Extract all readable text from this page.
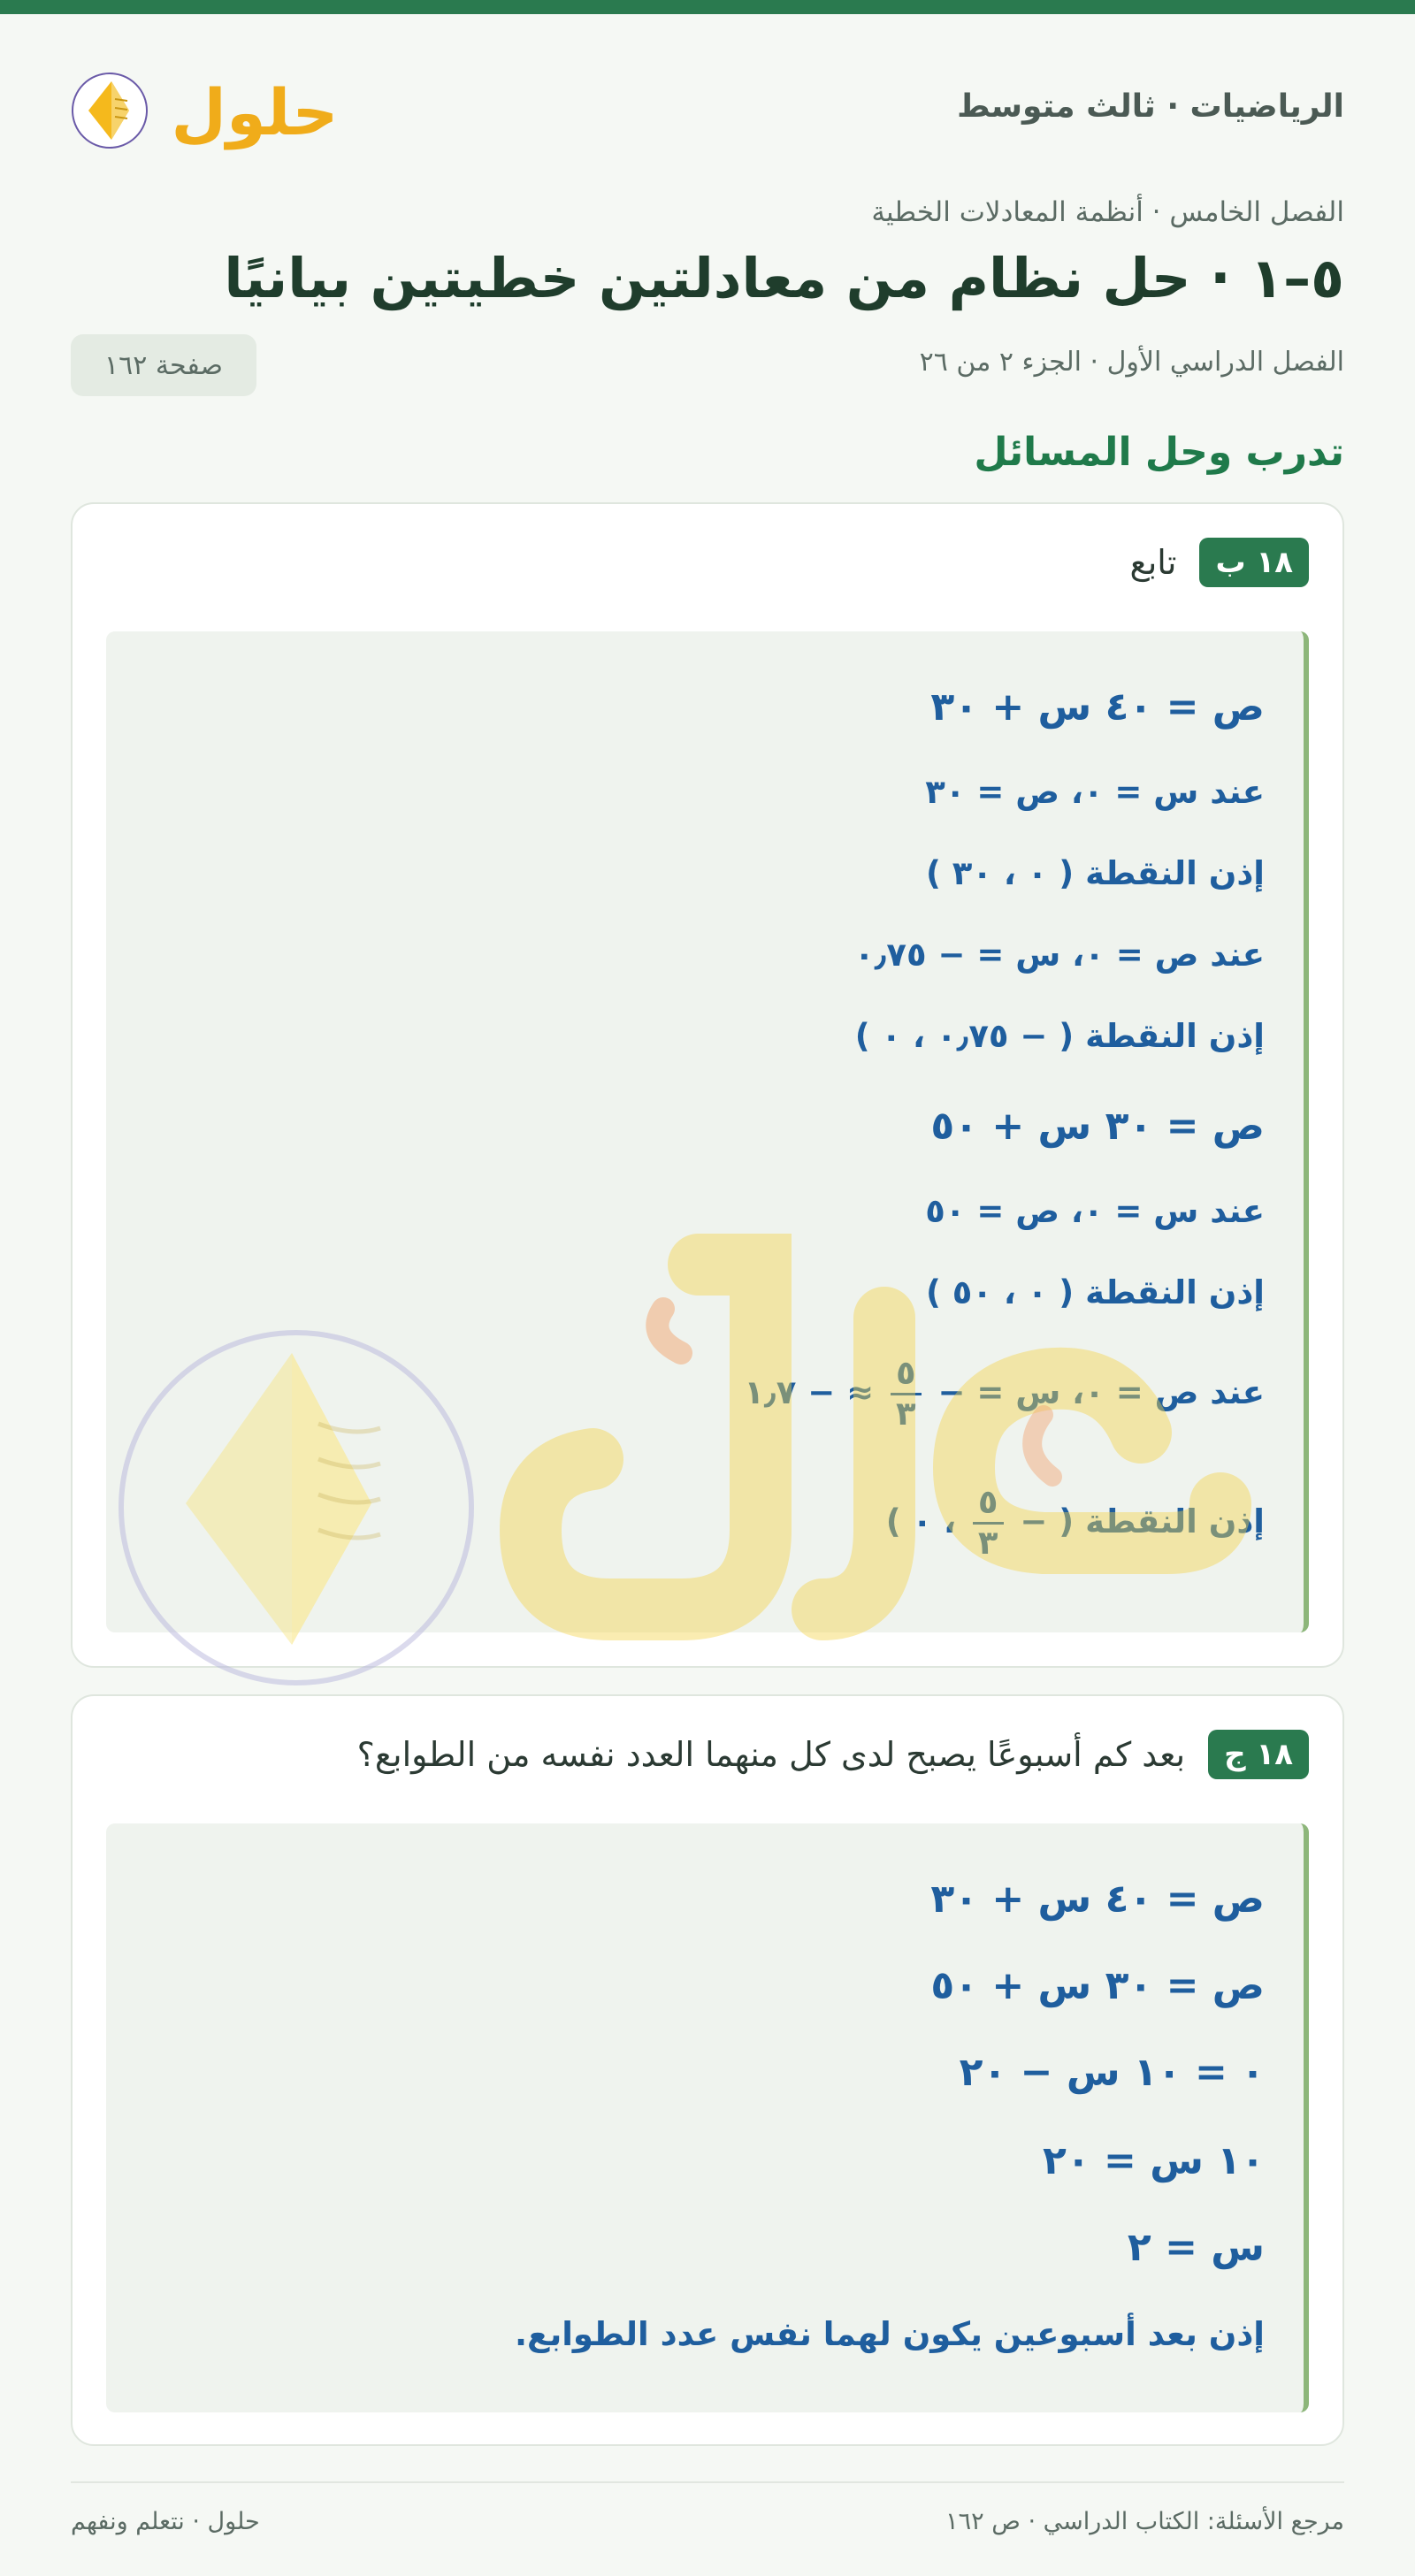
الرياضيات · ثالث متوسط
حلول
الفصل الخامس · أنظمة المعادلات الخطية
٥–١ · حل نظام من معادلتين خطيتين بيانيًا
الفصل الدراسي الأول · الجزء ٢ من ٢٦
صفحة ١٦٢
تدرب وحل المسائل
١٨ ب
تابع
ص = ٤٠ س + ٣٠
عند س = ٠، ص = ٣٠
إذن النقطة ( ٠ ، ٣٠ )
عند ص = ٠، س = − ٠٫٧٥
إذن النقطة ( − ٠٫٧٥ ، ٠ )
ص = ٣٠ س + ٥٠
عند س = ٠، ص = ٥٠
إذن النقطة ( ٠ ، ٥٠ )
عند ص = ٠، س = −
$\frac{٥}{٣}$
≈ − ١٫٧
إذن النقطة ( −
$\frac{٥}{٣}$
، ٠ )
١٨ ج
بعد كم أسبوعًا يصبح لدى كل منهما العدد نفسه من الطوابع؟
ص = ٤٠ س + ٣٠
ص = ٣٠ س + ٥٠
٠ = ١٠ س − ٢٠
١٠ س = ٢٠
س = ٢
إذن بعد أسبوعين يكون لهما نفس عدد الطوابع.
مرجع الأسئلة: الكتاب الدراسي · ص ١٦٢
حلول · نتعلم ونفهم
